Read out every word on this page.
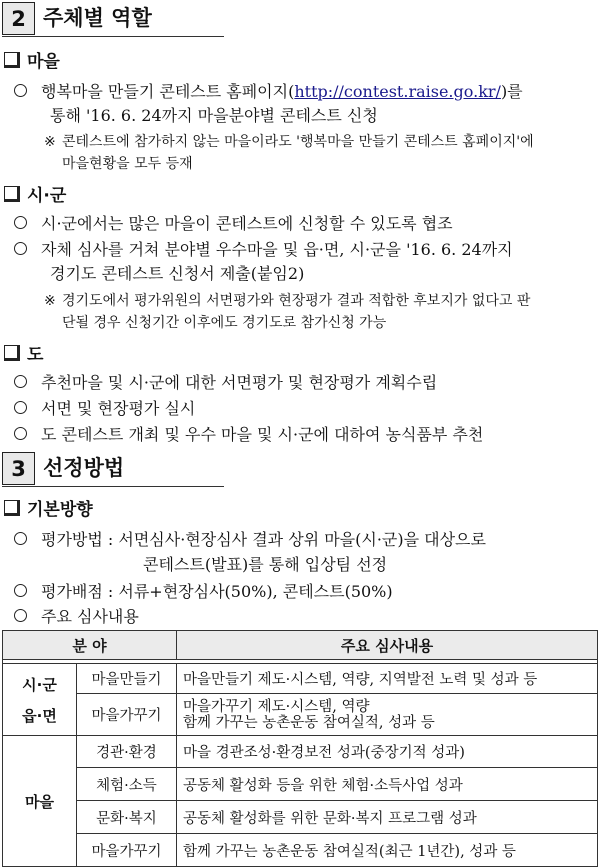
2 주체별 역할
마을
행복마을 만들기 콘테스트 홈페이지(http://contest.raise.go.kr/)를
통해 '16. 6. 24까지 마을분야별 콘테스트 신청
※ 콘테스트에 참가하지 않는 마을이라도 '행복마을 만들기 콘테스트 홈페이지'에
마을현황을 모두 등재
시·군
시·군에서는 많은 마을이 콘테스트에 신청할 수 있도록 협조
자체 심사를 거쳐 분야별 우수마을 및 읍·면, 시·군을 '16. 6. 24까지
경기도 콘테스트 신청서 제출(붙임2)
※ 경기도에서 평가위원의 서면평가와 현장평가 결과 적합한 후보지가 없다고 판
단될 경우 신청기간 이후에도 경기도로 참가신청 가능
도
추천마을 및 시·군에 대한 서면평가 및 현장평가 계획수립
서면 및 현장평가 실시
도 콘테스트 개최 및 우수 마을 및 시·군에 대하여 농식품부 추천
3 선정방법
기본방향
평가방법 : 서면심사·현장심사 결과 상위 마을(시·군)을 대상으로
콘테스트(발표)를 통해 입상팀 선정
평가배점 : 서류+현장심사(50%), 콘테스트(50%)
주요 심사내용
분 야		주요 심사내용

시·군
읍·면	마을만들기	마을만들기 제도·시스템, 역량, 지역발전 노력 및 성과 등
	마을가꾸기	마을가꾸기 제도·시스템, 역량
함께 가꾸는 농촌운동 참여실적, 성과 등

마을	경관·환경	마을 경관조성·환경보전 성과(중장기적 성과)
	체험·소득	공동체 활성화 등을 위한 체험·소득사업 성과
	문화·복지	공동체 활성화를 위한 문화·복지 프로그램 성과
	마을가꾸기	함께 가꾸는 농촌운동 참여실적(최근 1년간), 성과 등
